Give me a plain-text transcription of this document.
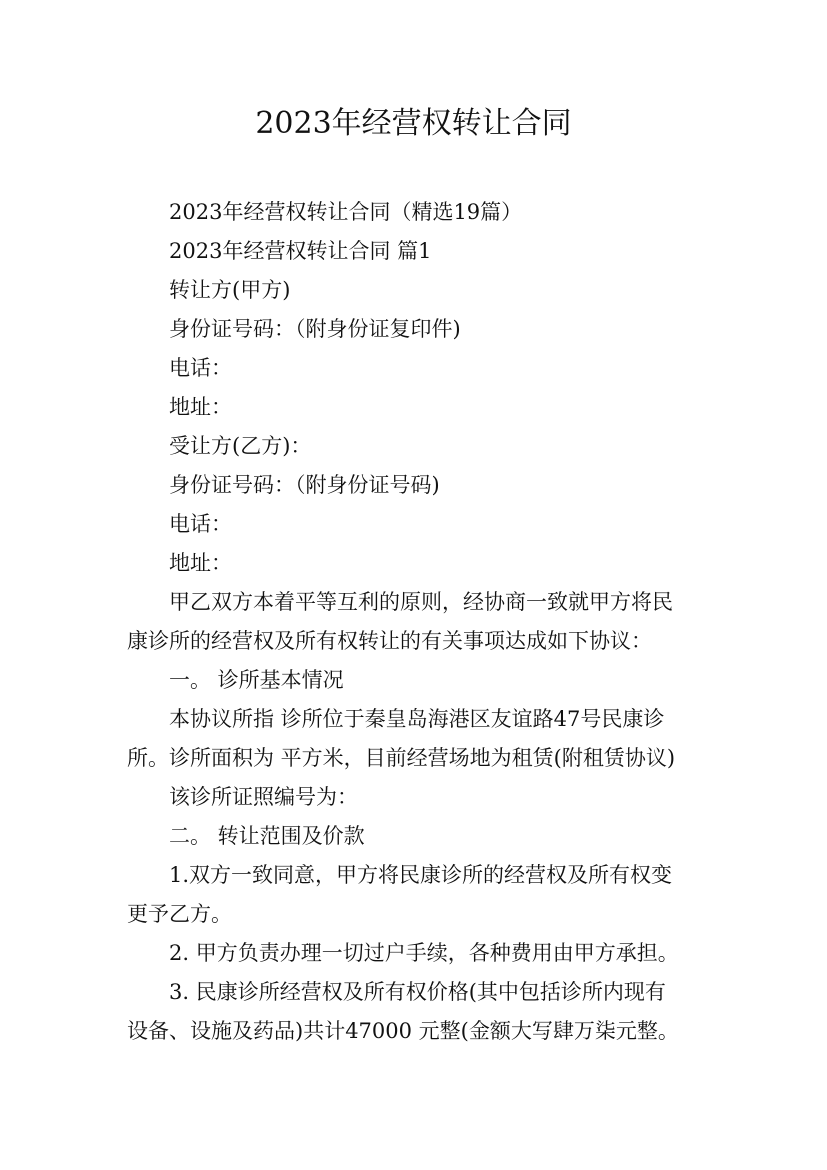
2023年经营权转让合同

2023年经营权转让合同（精选19篇）

2023年经营权转让合同 篇1

转让方(甲方)

身份证号码：（附身份证复印件)

电话：

地址：

受让方(乙方)：

身份证号码：（附身份证号码)

电话：

地址：

甲乙双方本着平等互利的原则，经协商一致就甲方将民

康诊所的经营权及所有权转让的有关事项达成如下协议：

一。 诊所基本情况

本协议所指 诊所位于秦皇岛海港区友谊路47号民康诊

所。诊所面积为 平方米，目前经营场地为租赁(附租赁协议)

该诊所证照编号为：

二。 转让范围及价款

1.双方一致同意，甲方将民康诊所的经营权及所有权变

更予乙方。

2. 甲方负责办理一切过户手续，各种费用由甲方承担。

3. 民康诊所经营权及所有权价格(其中包括诊所内现有

设备、设施及药品)共计47000 元整(金额大写肆万柒元整。
